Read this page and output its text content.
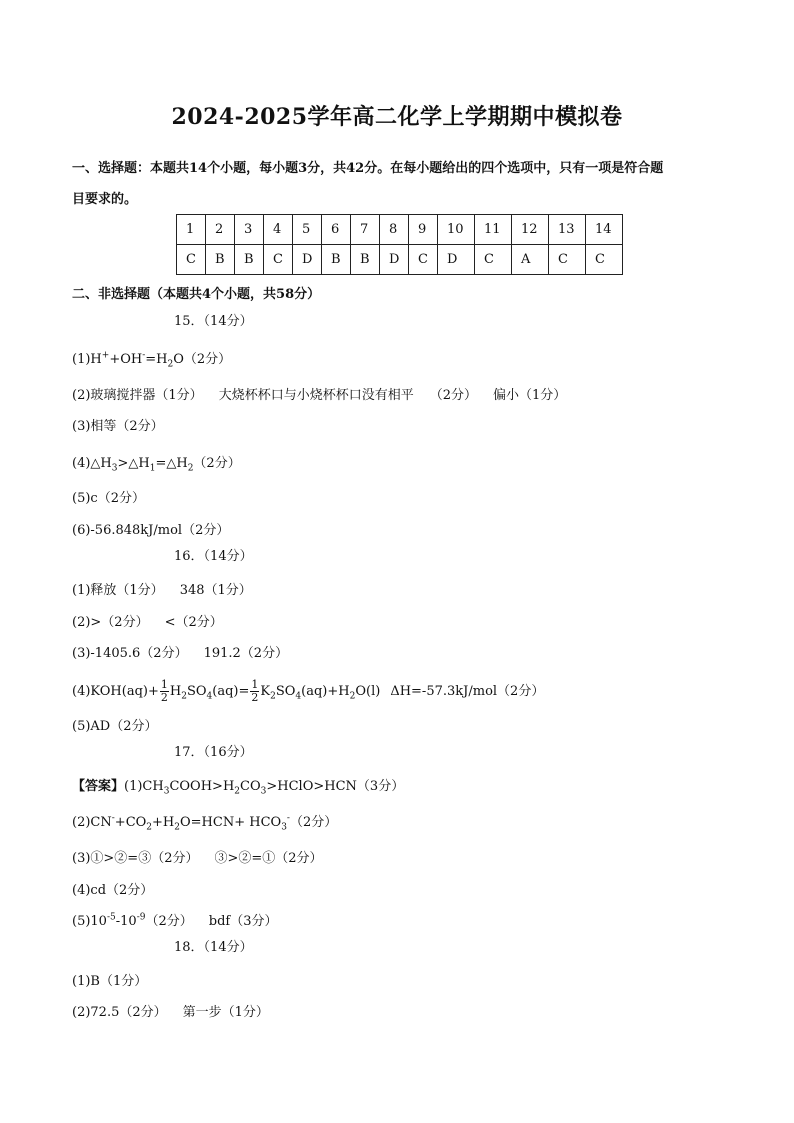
2024-2025学年高二化学上学期期中模拟卷
一、选择题：本题共14个小题，每小题3分，共42分。在每小题给出的四个选项中，只有一项是符合题
目要求的。
1	2	3	4	5	6	7	8	9	10	11	12	13	14
C	B	B	C	D	B	B	D	C	D	C	A	C	C
二、非选择题（本题共4个小题，共58分）
15．（14分）
$(1)H^++OH^-=H_2O(2$分）
(2)玻璃搅拌器（1分） 大烧杯杯口与小烧杯杯口没有相平 （2分） 偏小（1分）
(3)相等（2分）
$(4)\triangle H_3>\triangle H_1=\triangle H_2(2$分）
(5)c（2分）
(6)-56.848kJ/mol（2分）
16．（14分）
(1)释放（1分） 348（1分）
(2)>（2分） <（2分）
(3)-1405.6（2分） 191.2（2分）
$(4)KOH(aq)+ \frac{1}{2} H_2SO_4(aq)= \frac{1}{2} K_2SO_4(aq)+H_2O(l)$ ΔH=-57.3kJ/mol（2分）
(5)AD（2分）
17．（16分）
【答案】$(1)CH_3COOH>H_2CO_3>HClO>HCN(3$分）
$(2)CN^-+CO_2+H_2O=HCN+ HCO_3^-(2$分）
(3)①>②=③（2分） ③>②=①（2分）
(4)cd（2分）
$(5)10^{-5}-10^{-9}(2$分） bdf（3分）
18．（14分）
(1)B（1分）
(2)72.5（2分） 第一步（1分）
